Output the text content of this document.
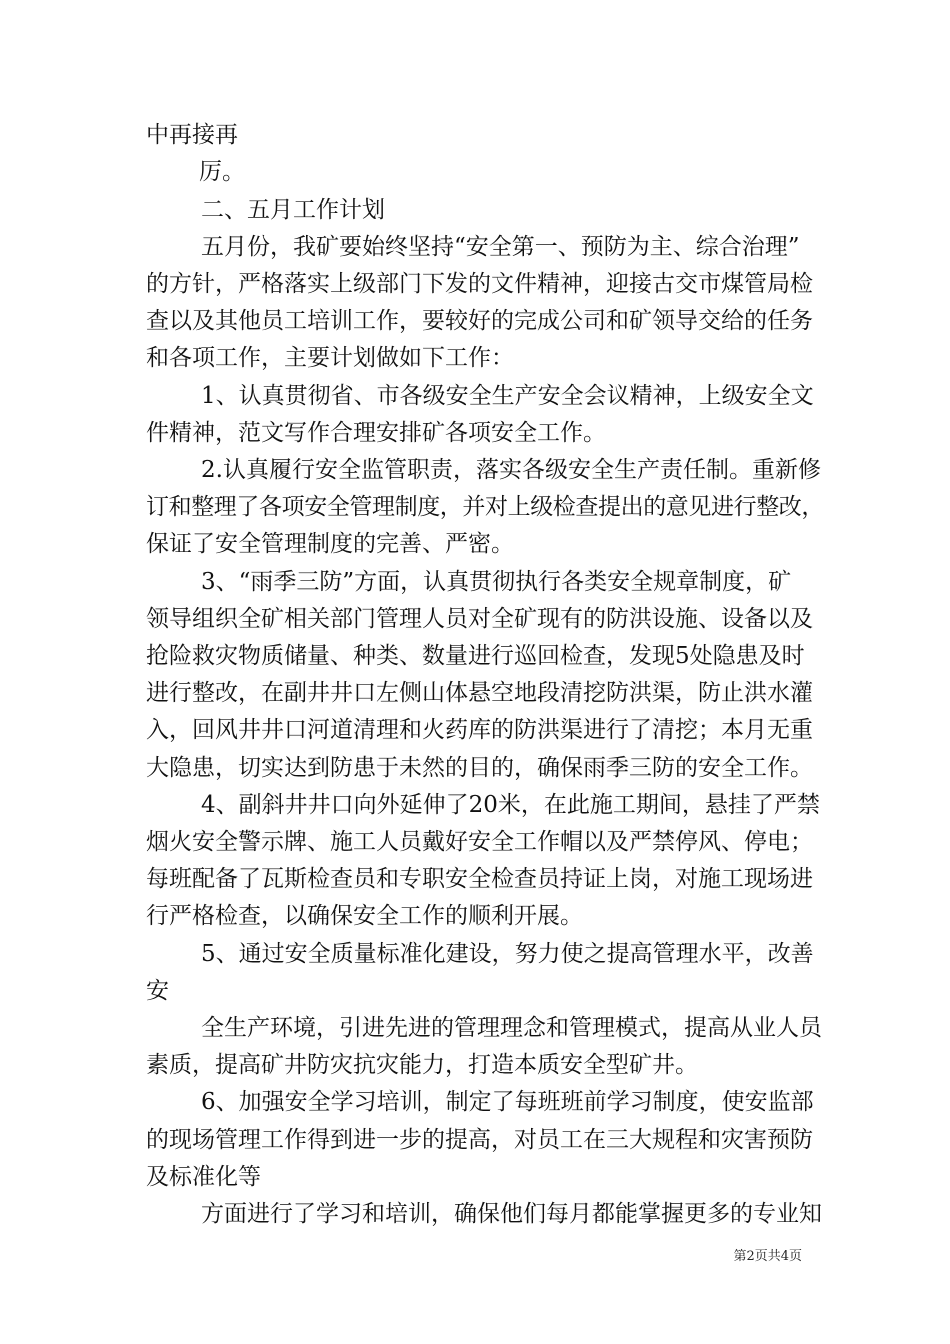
中再接再
厉。
二、五月工作计划
五月份，我矿要始终坚持“安全第一、预防为主、综合治理”
的方针，严格落实上级部门下发的文件精神，迎接古交市煤管局检
查以及其他员工培训工作，要较好的完成公司和矿领导交给的任务
和各项工作，主要计划做如下工作：
1、认真贯彻省、市各级安全生产安全会议精神，上级安全文
件精神，范文写作合理安排矿各项安全工作。
2.认真履行安全监管职责，落实各级安全生产责任制。重新修
订和整理了各项安全管理制度，并对上级检查提出的意见进行整改，
保证了安全管理制度的完善、严密。
3、“雨季三防”方面，认真贯彻执行各类安全规章制度，矿
领导组织全矿相关部门管理人员对全矿现有的防洪设施、设备以及
抢险救灾物质储量、种类、数量进行巡回检查，发现5处隐患及时
进行整改，在副井井口左侧山体悬空地段清挖防洪渠，防止洪水灌
入，回风井井口河道清理和火药库的防洪渠进行了清挖；本月无重
大隐患，切实达到防患于未然的目的，确保雨季三防的安全工作。
4、副斜井井口向外延伸了20米，在此施工期间，悬挂了严禁
烟火安全警示牌、施工人员戴好安全工作帽以及严禁停风、停电；
每班配备了瓦斯检查员和专职安全检查员持证上岗，对施工现场进
行严格检查，以确保安全工作的顺利开展。
5、通过安全质量标准化建设，努力使之提高管理水平，改善
安
全生产环境，引进先进的管理理念和管理模式，提高从业人员
素质，提高矿井防灾抗灾能力，打造本质安全型矿井。
6、加强安全学习培训，制定了每班班前学习制度，使安监部
的现场管理工作得到进一步的提高，对员工在三大规程和灾害预防
及标准化等
方面进行了学习和培训，确保他们每月都能掌握更多的专业知
第2页共4页
